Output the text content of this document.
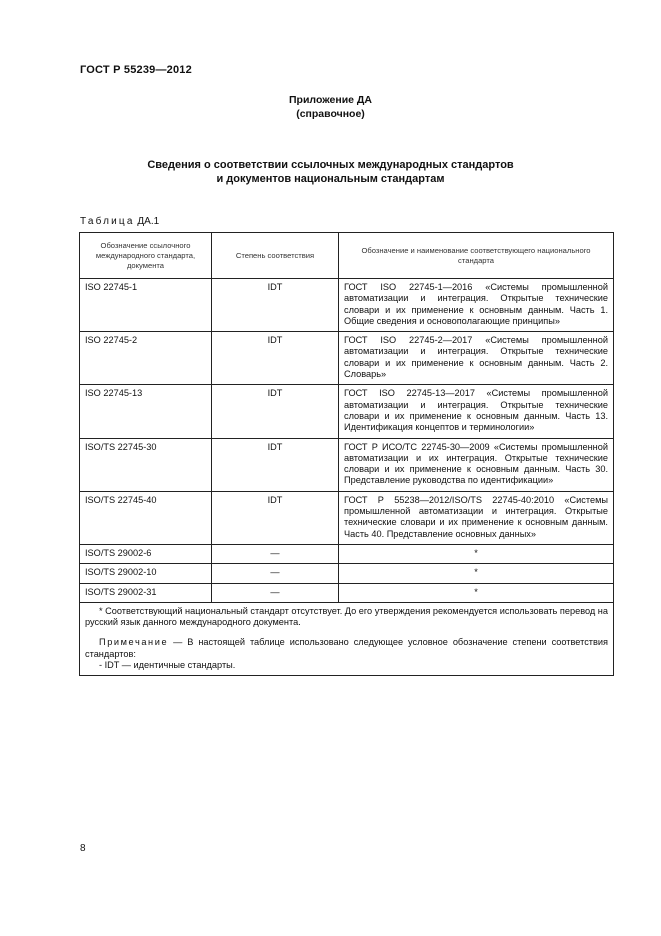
ГОСТ Р 55239—2012
Приложение ДА
(справочное)
Сведения о соответствии ссылочных международных стандартов
и документов национальным стандартам
Таблица ДА.1
Обозначение ссылочного международного стандарта, документа	Степень соответствия	Обозначение и наименование соответствующего национального стандарта
ISO 22745-1	IDT	ГОСТ ISO 22745-1—2016 «Системы промышленной автоматизации и интеграция. Открытые технические словари и их применение к основным данным. Часть 1. Общие сведения и основополагающие принципы»
ISO 22745-2	IDT	ГОСТ ISO 22745-2—2017 «Системы промышленной автоматизации и интеграция. Открытые технические словари и их применение к основным данным. Часть 2. Словарь»
ISO 22745-13	IDT	ГОСТ ISO 22745-13—2017 «Системы промышленной автоматизации и интеграция. Открытые технические словари и их применение к основным данным. Часть 13. Идентификация концептов и терминологии»
ISO/TS 22745-30	IDT	ГОСТ Р ИСО/ТС 22745-30—2009 «Системы промышленной автоматизации и их интеграция. Открытые технические словари и их применение к основным данным. Часть 30. Представление руководства по идентификации»
ISO/TS 22745-40	IDT	ГОСТ Р 55238—2012/ISO/TS 22745-40:2010 «Системы промышленной автоматизации и интеграция. Открытые технические словари и их применение к основным данным. Часть 40. Представление основных данных»
ISO/TS 29002-6	—	*
ISO/TS 29002-10	—	*
ISO/TS 29002-31	—	*

* Соответствующий национальный стандарт отсутствует. До его утверждения рекомендуется использовать перевод на русский язык данного международного документа.
Примечание — В настоящей таблице использовано следующее условное обозначение степени соответствия стандартов:
- IDT — идентичные стандарты.		
8
